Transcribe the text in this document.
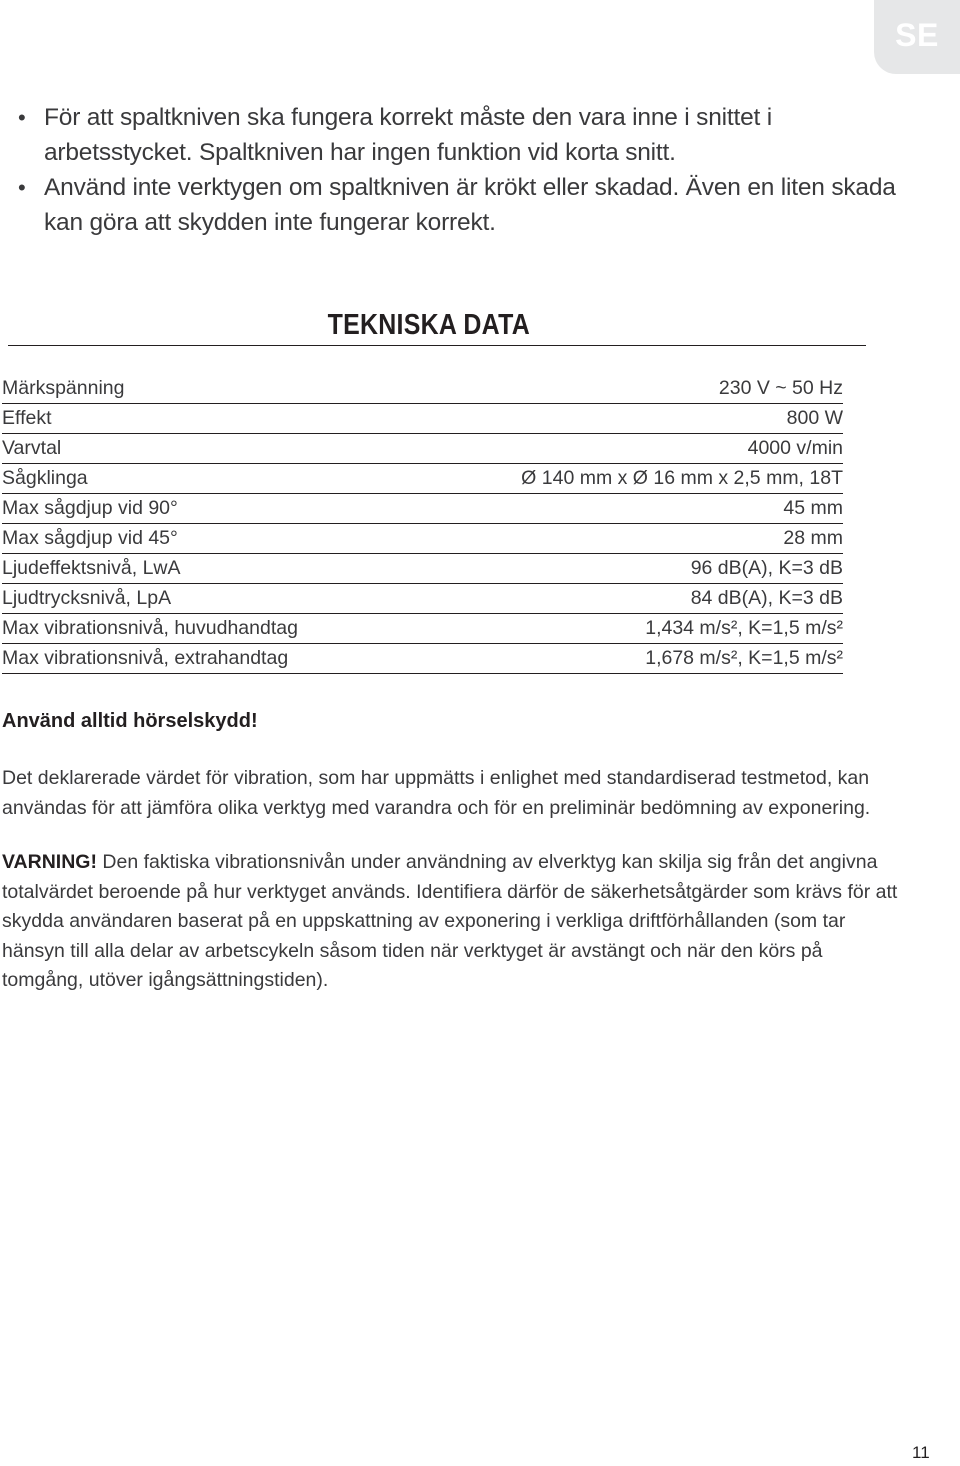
SE
• För att spaltkniven ska fungera korrekt måste den vara inne i snittet i arbetsstycket. Spaltkniven har ingen funktion vid korta snitt.
• Använd inte verktygen om spaltkniven är krökt eller skadad. Även en liten skada kan göra att skydden inte fungerar korrekt.
TEKNISKA DATA
Märkspänning	230 V ~ 50 Hz
Effekt	800 W
Varvtal	4000 v/min
Sågklinga	Ø 140 mm x Ø 16 mm x 2,5 mm, 18T
Max sågdjup vid 90°	45 mm
Max sågdjup vid 45°	28 mm
Ljudeffektsnivå, LwA	96 dB(A), K=3 dB
Ljudtrycksnivå, LpA	84 dB(A), K=3 dB
Max vibrationsnivå, huvudhandtag	1,434 m/s², K=1,5 m/s²
Max vibrationsnivå, extrahandtag	1,678 m/s², K=1,5 m/s²
Använd alltid hörselskydd!

Det deklarerade värdet för vibration, som har uppmätts i enlighet med standardiserad testmetod, kan användas för att jämföra olika verktyg med varandra och för en preliminär bedömning av exponering.

VARNING! Den faktiska vibrationsnivån under användning av elverktyg kan skilja sig från det angivna totalvärdet beroende på hur verktyget används. Identifiera därför de säkerhetsåtgärder som krävs för att skydda användaren baserat på en uppskattning av exponering i verkliga driftförhållanden (som tar hänsyn till alla delar av arbetscykeln såsom tiden när verktyget är avstängt och när den körs på tomgång, utöver igångsättningstiden).

11
